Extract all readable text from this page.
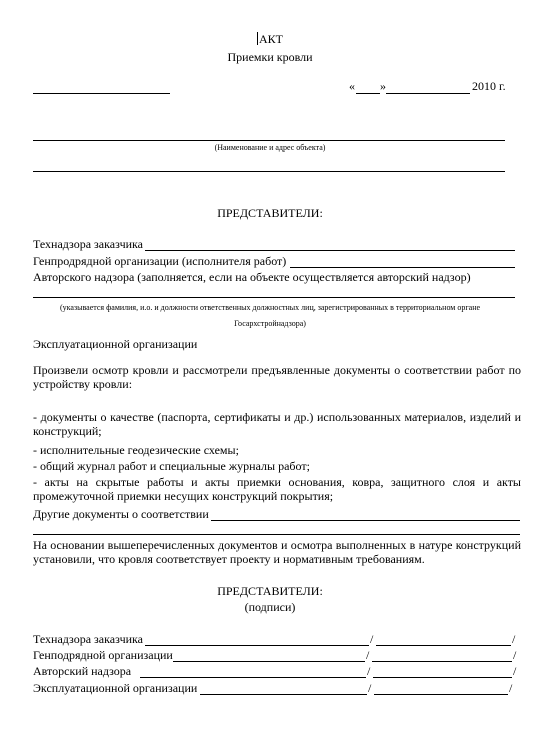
АКТ
Приемки кровли
« »	2010 г.
(Наименование и адрес объекта)
ПРЕДСТАВИТЕЛИ:
Технадзора заказчика
Генпродрядной организации (исполнителя работ)
Авторского надзора (заполняется, если на объекте осуществляется авторский надзор)
(указывается фамилия, и.о. и должности ответственных должностных лиц, зарегистрированных в территориальном органе
Госархстройнадзора)
Эксплуатационной организации
Произвели осмотр кровли и рассмотрели предъявленные документы о соответствии работ по устройству кровли:
- документы о качестве (паспорта, сертификаты и др.) использованных материалов, изделий и конструкций;
- исполнительные геодезические схемы;
- общий журнал работ и специальные журналы работ;
- акты на скрытые работы и акты приемки основания, ковра, защитного слоя и акты промежуточной приемки несущих конструкций покрытия;
Другие документы о соответствии
На основании вышеперечисленных документов и осмотра выполненных в натуре конструкций установили, что кровля соответствует проекту и нормативным требованиям.
ПРЕДСТАВИТЕЛИ:
(подписи)
Технадзора заказчика	/	/
Генподрядной организации	/	/
Авторский надзора	/	/
Эксплуатационной организации	/	/
